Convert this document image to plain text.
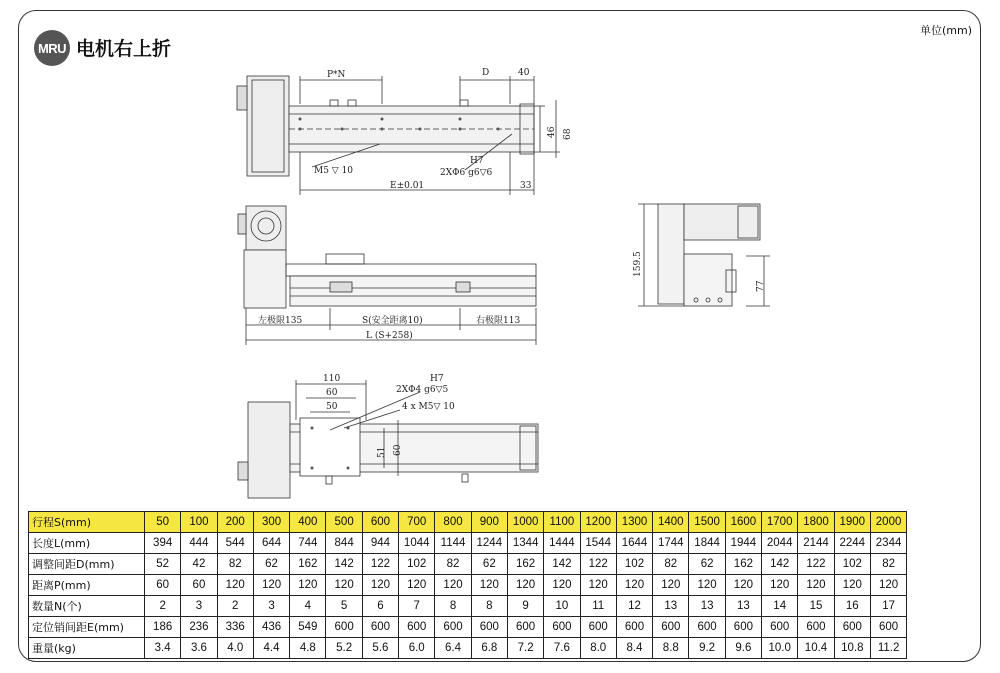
MRU 电机右上折
单位(mm)
P*N	D	40
46 68
M5 ▽ 10
H7
2XΦ6 g6▽6
E±0.01	33
左极限135	S(安全距离10)	右极限113
L (S+258)
159.5
77
110
60
50
H7
2XΦ4 g6▽5
4 x M5▽ 10
51 60
行程S(mm)	50	100	200	300	400	500	600	700	800	900	1000	1100	1200	1300	1400	1500	1600	1700	1800	1900	2000
长度L(mm)	394	444	544	644	744	844	944	1044	1144	1244	1344	1444	1544	1644	1744	1844	1944	2044	2144	2244	2344
调整间距D(mm)	52	42	82	62	162	142	122	102	82	62	162	142	122	102	82	62	162	142	122	102	82
距离P(mm)	60	60	120	120	120	120	120	120	120	120	120	120	120	120	120	120	120	120	120	120	120
数量N(个)	2	3	2	3	4	5	6	7	8	8	9	10	11	12	13	13	13	14	15	16	17
定位销间距E(mm)	186	236	336	436	549	600	600	600	600	600	600	600	600	600	600	600	600	600	600	600	600
重量(kg)	3.4	3.6	4.0	4.4	4.8	5.2	5.6	6.0	6.4	6.8	7.2	7.6	8.0	8.4	8.8	9.2	9.6	10.0	10.4	10.8	11.2
